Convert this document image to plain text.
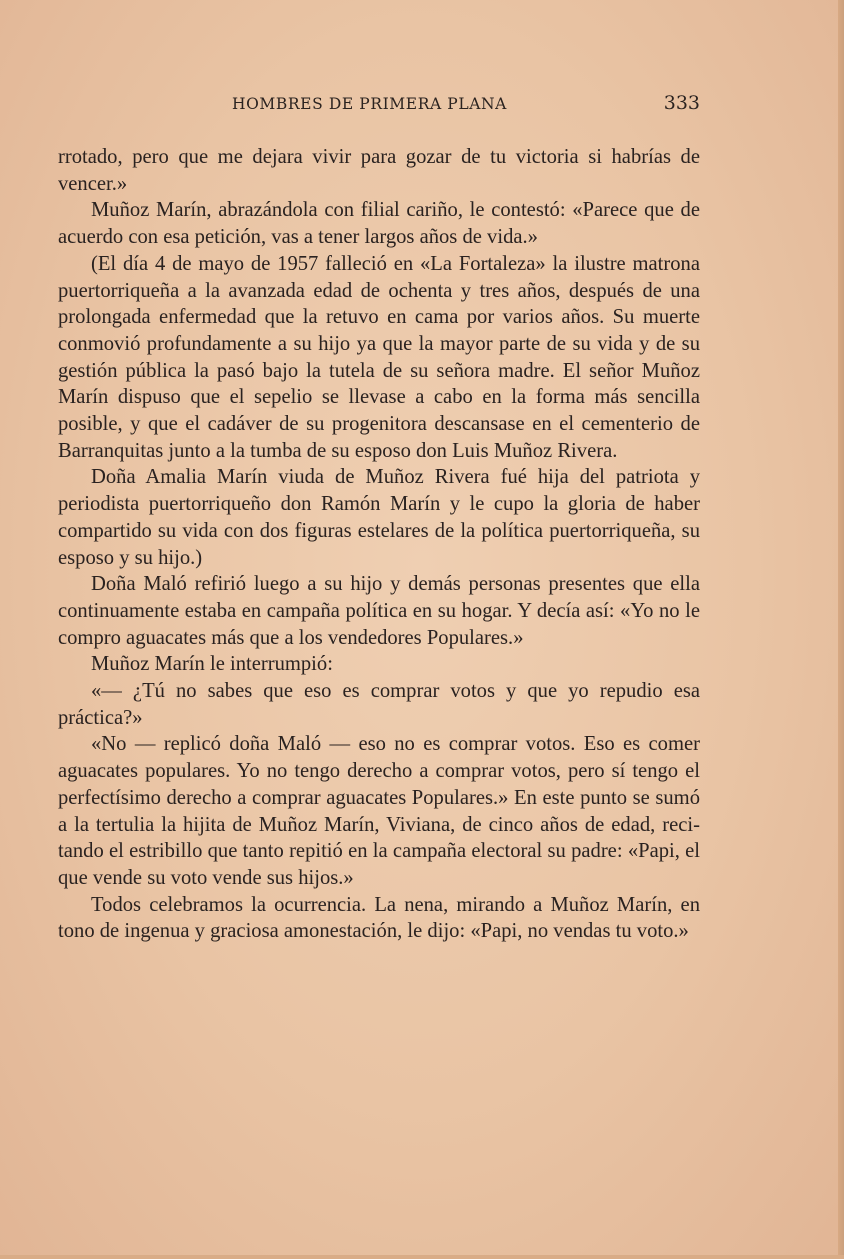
HOMBRES DE PRIMERA PLANA	333

rrotado, pero que me dejara vivir para gozar de tu victoria si habrías de vencer.»

Muñoz Marín, abrazándola con filial cariño, le contestó: «Parece que de acuerdo con esa petición, vas a tener largos años de vida.»

(El día 4 de mayo de 1957 falleció en «La Fortaleza» la ilustre matrona puertorriqueña a la avanzada edad de ochenta y tres años, después de una prolongada enfermedad que la retuvo en cama por varios años. Su muerte conmovió profundamente a su hijo ya que la mayor parte de su vida y de su gestión pública la pasó bajo la tutela de su señora madre. El señor Muñoz Marín dispuso que el sepelio se llevase a cabo en la forma más sencilla posible, y que el cadáver de su progenitora descansase en el cementerio de Barranquitas junto a la tumba de su esposo don Luis Muñoz Rivera.

Doña Amalia Marín viuda de Muñoz Rivera fué hija del patriota y periodista puertorriqueño don Ramón Marín y le cupo la gloria de haber compartido su vida con dos figuras estelares de la política puertorriqueña, su esposo y su hijo.)

Doña Maló refirió luego a su hijo y demás personas presentes que ella continuamente estaba en campaña política en su hogar. Y decía así: «Yo no le compro aguacates más que a los vendedores Populares.»

Muñoz Marín le interrumpió:

«— ¿Tú no sabes que eso es comprar votos y que yo repudio esa práctica?»

«No — replicó doña Maló — eso no es comprar votos. Eso es comer aguacates populares. Yo no tengo derecho a comprar votos, pero sí tengo el perfectísimo derecho a comprar aguacates Populares.» En este punto se sumó a la tertulia la hijita de Muñoz Marín, Viviana, de cinco años de edad, recitando el estribillo que tanto repitió en la campaña electoral su padre: «Papi, el que vende su voto vende sus hijos.»

Todos celebramos la ocurrencia. La nena, mirando a Muñoz Marín, en tono de ingenua y graciosa amonestación, le dijo: «Papi, no vendas tu voto.»
